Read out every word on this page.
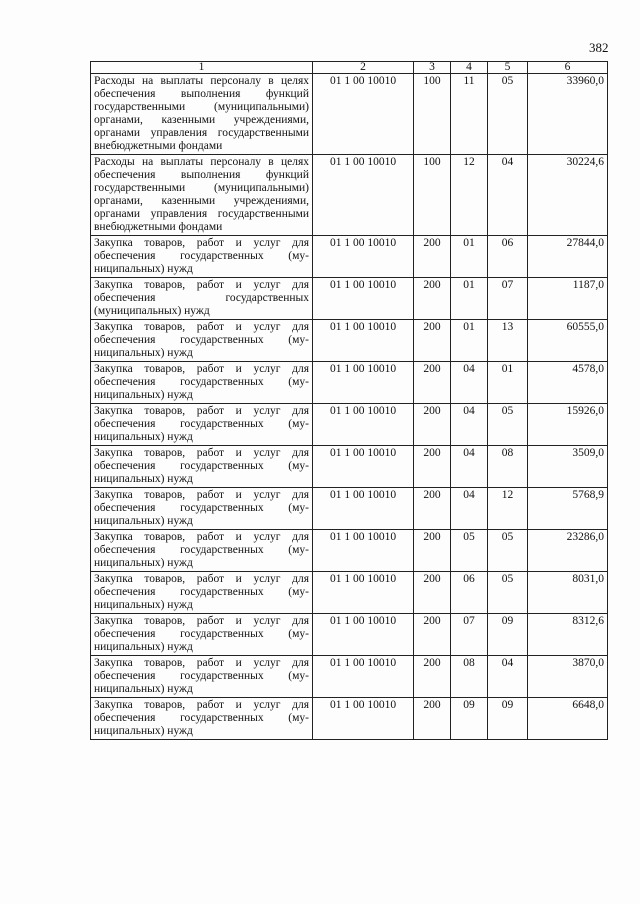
382
1	2	3	4	5	6
Расходы на выплаты персоналу в целях обеспечения выполнения функций государственными (муниципальными) органами, казенными учреждениями, органами управления государственными внебюджетными фондами	01 1 00 10010	100	11	05	33960,0
Расходы на выплаты персоналу в целях обеспечения выполнения функций государственными (муниципальными) органами, казенными учреждениями, органами управления государственными внебюджетными фондами	01 1 00 10010	100	12	04	30224,6
Закупка товаров, работ и услуг для обеспечения государственных (муниципальных) нужд	01 1 00 10010	200	01	06	27844,0
Закупка товаров, работ и услуг для обеспечения государственных (муниципальных) нужд	01 1 00 10010	200	01	07	1187,0
Закупка товаров, работ и услуг для обеспечения государственных (муниципальных) нужд	01 1 00 10010	200	01	13	60555,0
Закупка товаров, работ и услуг для обеспечения государственных (муниципальных) нужд	01 1 00 10010	200	04	01	4578,0
Закупка товаров, работ и услуг для обеспечения государственных (муниципальных) нужд	01 1 00 10010	200	04	05	15926,0
Закупка товаров, работ и услуг для обеспечения государственных (муниципальных) нужд	01 1 00 10010	200	04	08	3509,0
Закупка товаров, работ и услуг для обеспечения государственных (муниципальных) нужд	01 1 00 10010	200	04	12	5768,9
Закупка товаров, работ и услуг для обеспечения государственных (муниципальных) нужд	01 1 00 10010	200	05	05	23286,0
Закупка товаров, работ и услуг для обеспечения государственных (муниципальных) нужд	01 1 00 10010	200	06	05	8031,0
Закупка товаров, работ и услуг для обеспечения государственных (муниципальных) нужд	01 1 00 10010	200	07	09	8312,6
Закупка товаров, работ и услуг для обеспечения государственных (муниципальных) нужд	01 1 00 10010	200	08	04	3870,0
Закупка товаров, работ и услуг для обеспечения государственных (муниципальных) нужд	01 1 00 10010	200	09	09	6648,0
